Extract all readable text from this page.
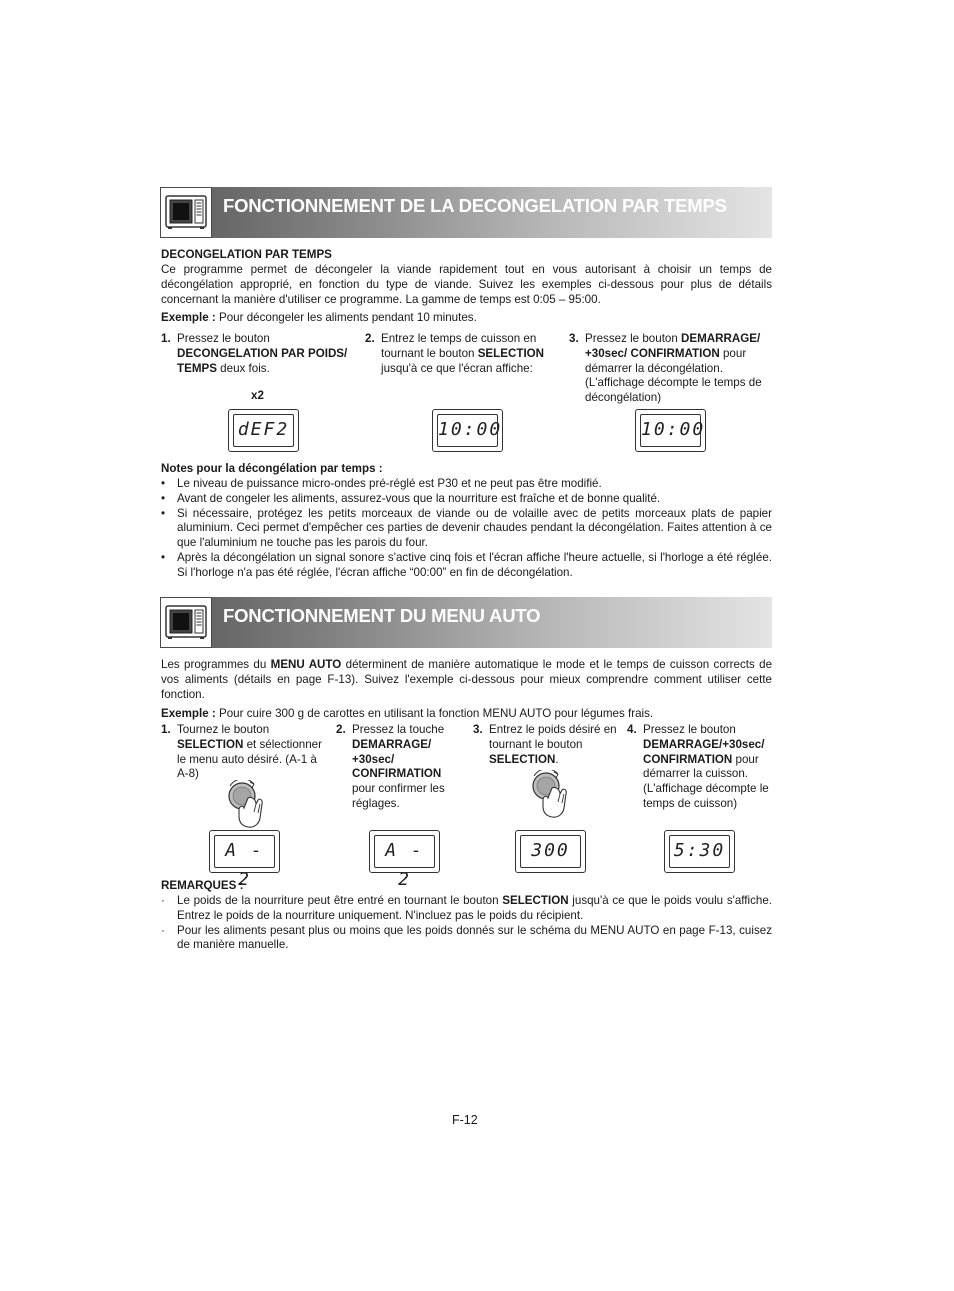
FONCTIONNEMENT DE LA DECONGELATION PAR TEMPS
DECONGELATION PAR TEMPS
Ce programme permet de décongeler la viande rapidement tout en vous autorisant à choisir un temps de décongélation approprié, en fonction du type de viande. Suivez les exemples ci-dessous pour plus de détails concernant la manière d'utiliser ce programme. La gamme de temps est 0:05 – 95:00.
Exemple : Pour décongeler les aliments pendant 10 minutes.
1. Pressez le bouton DECONGELATION PAR POIDS/ TEMPS deux fois.
2. Entrez le temps de cuisson en tournant le bouton SELECTION jusqu'à ce que l'écran affiche:
3. Pressez le bouton DEMARRAGE/ +30sec/ CONFIRMATION pour démarrer la décongélation. (L'affichage décompte le temps de décongélation)
x2
dEF2	10:00	10:00
Notes pour la décongélation par temps :
• Le niveau de puissance micro-ondes pré-réglé est P30 et ne peut pas être modifié.
• Avant de congeler les aliments, assurez-vous que la nourriture est fraîche et de bonne qualité.
• Si nécessaire, protégez les petits morceaux de viande ou de volaille avec de petits morceaux plats de papier aluminium. Ceci permet d'empêcher ces parties de devenir chaudes pendant la décongélation. Faites attention à ce que l'aluminium ne touche pas les parois du four.
• Après la décongélation un signal sonore s'active cinq fois et l'écran affiche l'heure actuelle, si l'horloge a été réglée. Si l'horloge n'a pas été réglée, l'écran affiche “00:00” en fin de décongélation.
FONCTIONNEMENT DU MENU AUTO
Les programmes du MENU AUTO déterminent de manière automatique le mode et le temps de cuisson corrects de vos aliments (détails en page F-13). Suivez l'exemple ci-dessous pour mieux comprendre comment utiliser cette fonction.
Exemple : Pour cuire 300 g de carottes en utilisant la fonction MENU AUTO pour légumes frais.
1. Tournez le bouton SELECTION et sélectionner le menu auto désiré. (A-1 à A-8)
2. Pressez la touche DEMARRAGE/ +30sec/ CONFIRMATION pour confirmer les réglages.
3. Entrez le poids désiré en tournant le bouton SELECTION.
4. Pressez le bouton DEMARRAGE/+30sec/ CONFIRMATION pour démarrer la cuisson. (L'affichage décompte le temps de cuisson)
A - 2
A - 2
300	5:30
REMARQUES :
· Le poids de la nourriture peut être entré en tournant le bouton SELECTION jusqu'à ce que le poids voulu s'affiche. Entrez le poids de la nourriture uniquement. N'incluez pas le poids du récipient.
· Pour les aliments pesant plus ou moins que les poids donnés sur le schéma du MENU AUTO en page F-13, cuisez de manière manuelle.
F-12
